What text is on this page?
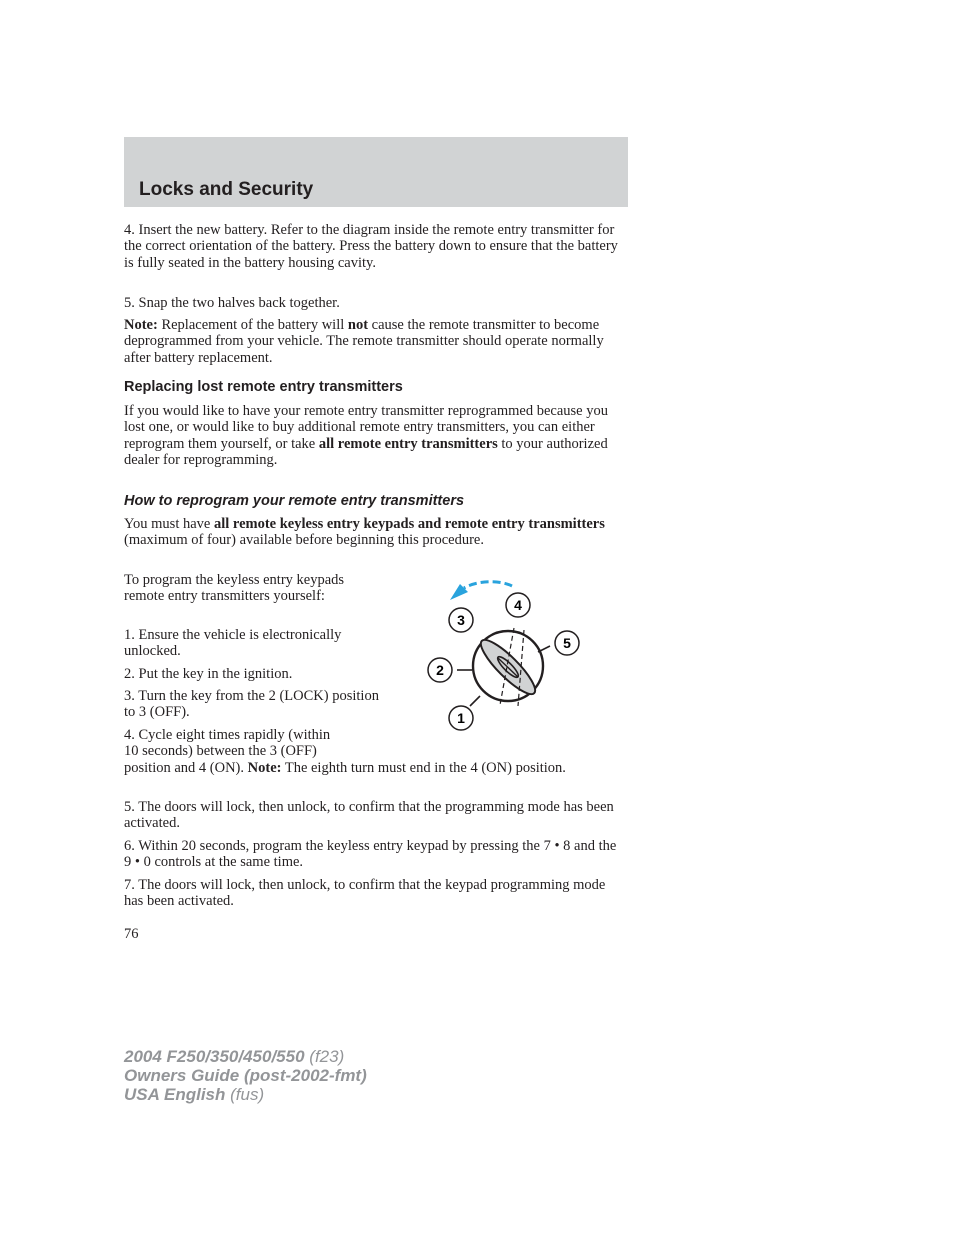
Locks and Security

4. Insert the new battery. Refer to the diagram inside the remote entry transmitter for the correct orientation of the battery. Press the battery down to ensure that the battery is fully seated in the battery housing cavity.

5. Snap the two halves back together.

Note: Replacement of the battery will not cause the remote transmitter to become deprogrammed from your vehicle. The remote transmitter should operate normally after battery replacement.

Replacing lost remote entry transmitters

If you would like to have your remote entry transmitter reprogrammed because you lost one, or would like to buy additional remote entry transmitters, you can either reprogram them yourself, or take all remote entry transmitters to your authorized dealer for reprogramming.

How to reprogram your remote entry transmitters

You must have all remote keyless entry keypads and remote entry transmitters (maximum of four) available before beginning this procedure.

To program the keyless entry keypads remote entry transmitters yourself:

1. Ensure the vehicle is electronically unlocked.

2. Put the key in the ignition.

3. Turn the key from the 2 (LOCK) position to 3 (OFF).

4. Cycle eight times rapidly (within
10 seconds) between the 3 (OFF)
position and 4 (ON). Note: The eighth turn must end in the 4 (ON) position.

5. The doors will lock, then unlock, to confirm that the programming mode has been activated.

6. Within 20 seconds, program the keyless entry keypad by pressing the 7 • 8 and the 9 • 0 controls at the same time.

7. The doors will lock, then unlock, to confirm that the keypad programming mode has been activated.

1
2
3
4
5

76

2004 F250/350/450/550 (f23)
Owners Guide (post-2002-fmt)
USA English (fus)
